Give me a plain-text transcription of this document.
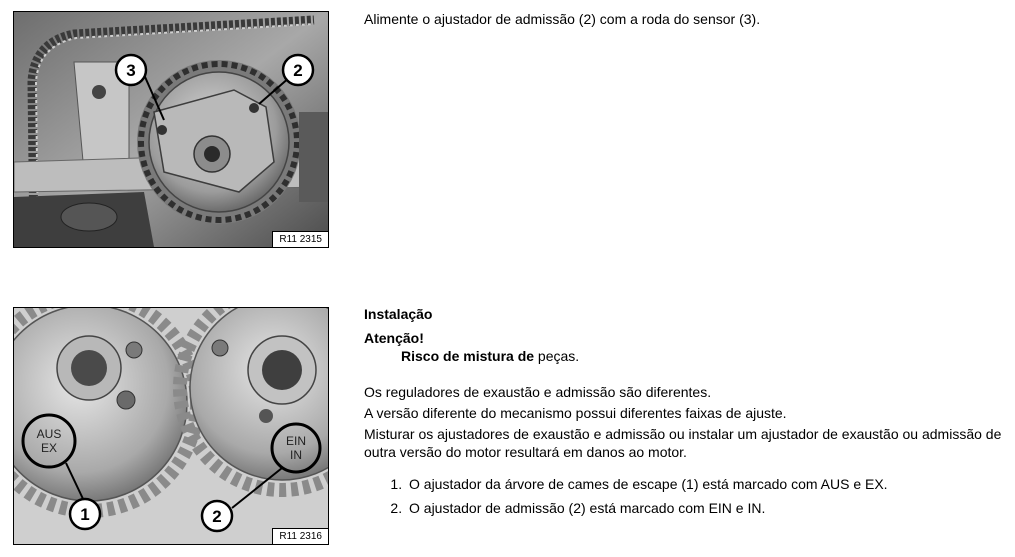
3	2
R11 2315

Alimente o ajustador de admissão (2) com a roda do sensor (3).

AUS
EX	EIN
IN
1	2
R11 2316

Instalação

Atenção!

Risco de mistura de peças.

Os reguladores de exaustão e admissão são diferentes.

A versão diferente do mecanismo possui diferentes faixas de ajuste.

Misturar os ajustadores de exaustão e admissão ou instalar um ajustador de exaustão ou admissão de outra versão do motor resultará em danos ao motor.

1. O ajustador da árvore de cames de escape (1) está marcado com AUS e EX.
2. O ajustador de admissão (2) está marcado com EIN e IN.
